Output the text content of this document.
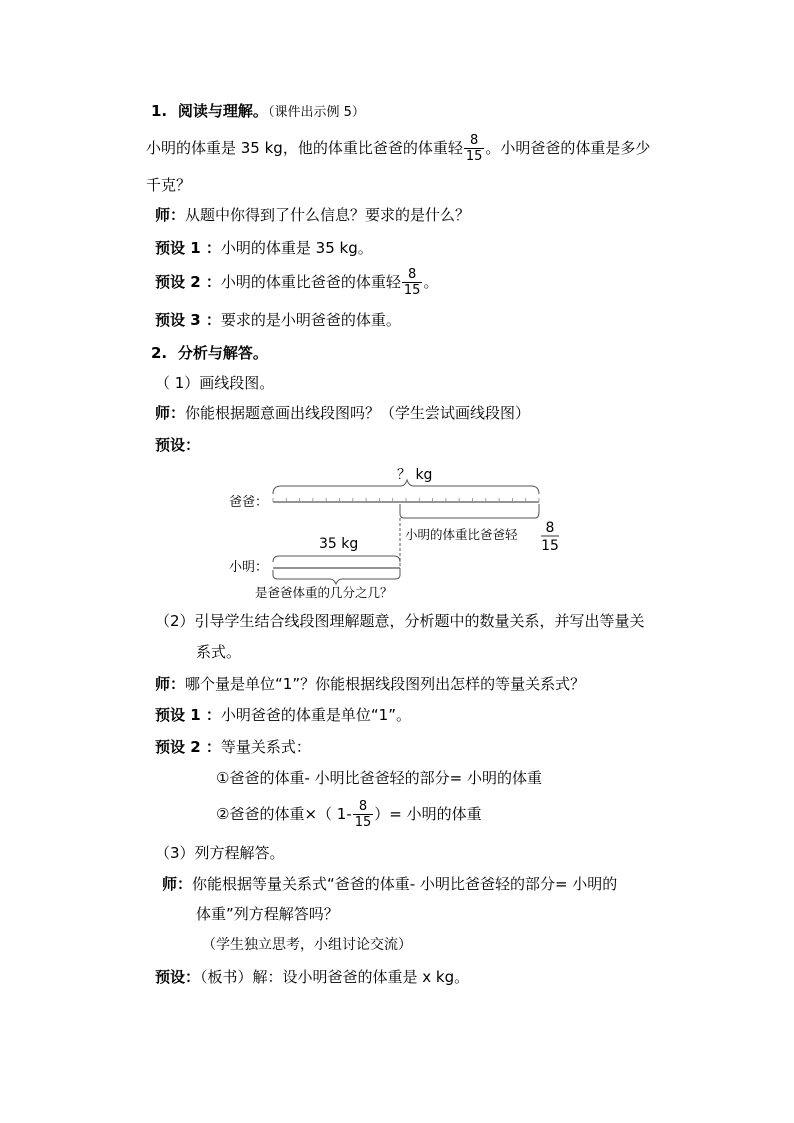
1. 阅读与理解。（课件出示例 5）
小明的体重是 35 kg，他的体重比爸爸的体重轻 $\frac{8}{15}$ 。小明爸爸的体重是多少
千克？
师：从题中你得到了什么信息？要求的是什么？
预设 1 ：小明的体重是 35 kg。
预设 2 ：小明的体重比爸爸的体重轻 $\frac{8}{15}$ 。
预设 3 ：要求的是小明爸爸的体重。
2. 分析与解答。
（ 1）画线段图。
师：你能根据题意画出线段图吗？（学生尝试画线段图）
预设：
？ kg
爸爸：
小明的体重比爸爸轻 8
15
35 kg
小明：
是爸爸体重的几分之几？
（2）引导学生结合线段图理解题意，分析题中的数量关系，并写出等量关
系式。
师：哪个量是单位“1”？你能根据线段图列出怎样的等量关系式？
预设 1 ：小明爸爸的体重是单位“1”。
预设 2 ：等量关系式：
①爸爸的体重- 小明比爸爸轻的部分= 小明的体重
②爸爸的体重×（ $1- \frac{8}{15}$ ）= 小明的体重
（3）列方程解答。
师：你能根据等量关系式“爸爸的体重- 小明比爸爸轻的部分= 小明的
体重”列方程解答吗？
（学生独立思考，小组讨论交流）
预设：（板书）解：设小明爸爸的体重是 x kg。
